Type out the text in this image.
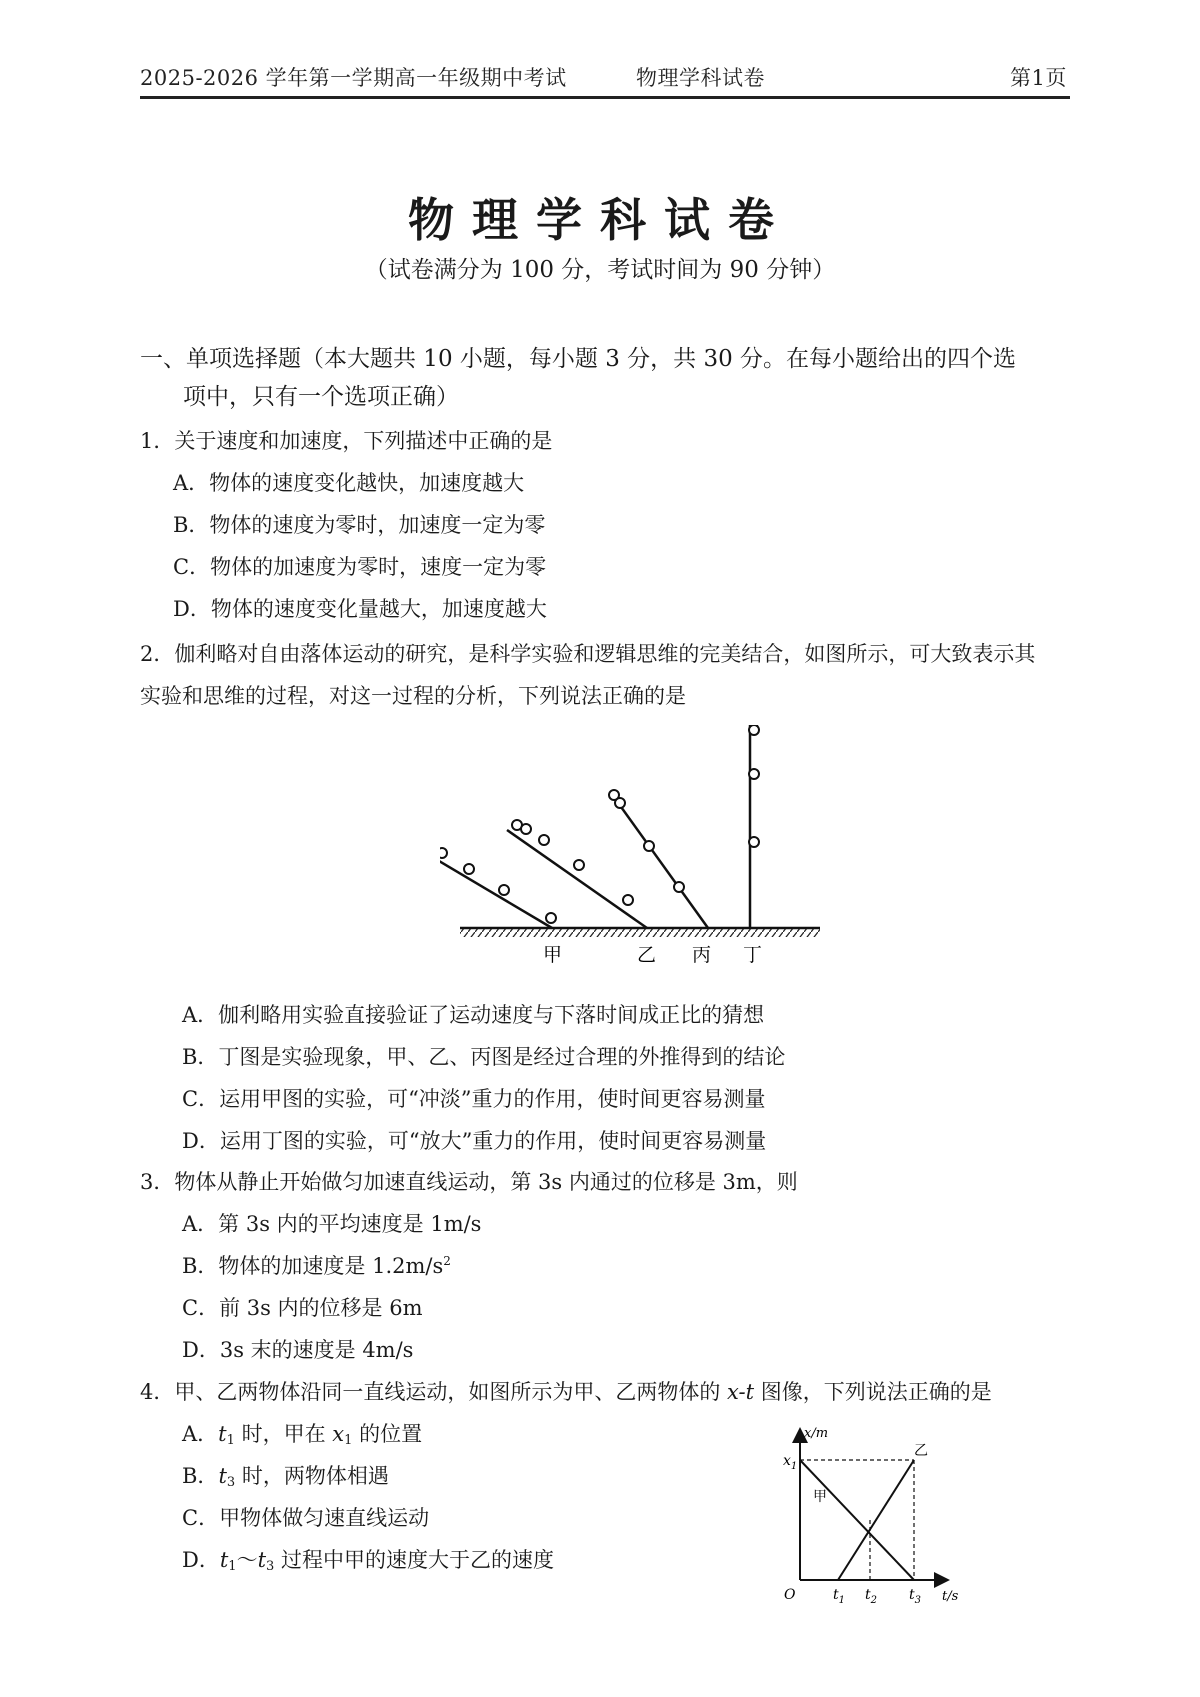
2025-2026 学年第一学期高一年级期中考试	物理学科试卷	第1页
物理学科试卷
（试卷满分为 100 分，考试时间为 90 分钟）
一、单项选择题（本大题共 10 小题，每小题 3 分，共 30 分。在每小题给出的四个选
项中，只有一个选项正确）
1．关于速度和加速度，下列描述中正确的是
A．物体的速度变化越快，加速度越大
B．物体的速度为零时，加速度一定为零
C．物体的加速度为零时，速度一定为零
D．物体的速度变化量越大，加速度越大
2．伽利略对自由落体运动的研究，是科学实验和逻辑思维的完美结合，如图所示，可大致表示其
实验和思维的过程，对这一过程的分析，下列说法正确的是
甲	乙 丙 丁
A．伽利略用实验直接验证了运动速度与下落时间成正比的猜想
B．丁图是实验现象，甲、乙、丙图是经过合理的外推得到的结论
C．运用甲图的实验，可“冲淡”重力的作用，使时间更容易测量
D．运用丁图的实验，可“放大”重力的作用，使时间更容易测量
3．物体从静止开始做匀加速直线运动，第 3s 内通过的位移是 3m，则
A．第 3s 内的平均速度是 1m/s
B．物体的加速度是 $1.2m/s^2$
C．前 3s 内的位移是 6m
D．3s 末的速度是 4m/s
4．甲、乙两物体沿同一直线运动，如图所示为甲、乙两物体的 x-t 图像，下列说法正确的是
A．$t_1$ 时，甲在 $x_1$ 的位置
B．$t_3$ 时，两物体相遇
C．甲物体做匀速直线运动
D．$t_1\sim t_3$ 过程中甲的速度大于乙的速度
x/m
t/s
O
$x_1$
$t_1$ $t_2$ $t_3$
甲
乙
